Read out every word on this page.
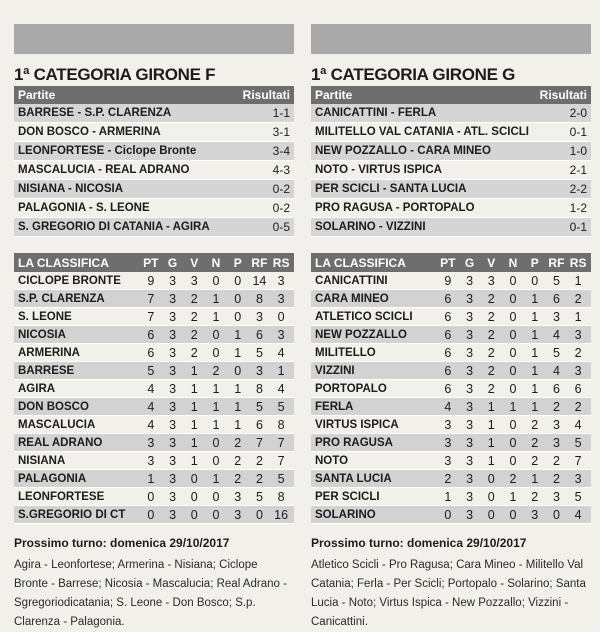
1ª CATEGORIA GIRONE F
Partite	Risultati
BARRESE - S.P. CLARENZA	1-1
DON BOSCO - ARMERINA	3-1
LEONFORTESE - Ciclope Bronte	3-4
MASCALUCIA - REAL ADRANO	4-3
NISIANA - NICOSIA	0-2
PALAGONIA - S. LEONE	0-2
S. GREGORIO DI CATANIA - AGIRA	0-5
LA CLASSIFICA	PT G	V	N	P RF RS
CICLOPE BRONTE	9	3	3	0	0 14 3
S.P. CLARENZA	7	3	2	1	0	8	3
S. LEONE	7	3	2	1	0	3	0
NICOSIA	6	3	2	0	1	6	3
ARMERINA	6	3	2	0	1	5	4
BARRESE	5	3	1	2	0	3	1
AGIRA	4	3	1	1	1	8	4
DON BOSCO	4	3	1	1	1	5	5
MASCALUCIA	4	3	1	1	1	6	8
REAL ADRANO	3	3	1	0	2	7	7
NISIANA	3	3	1	0	2	2	7
PALAGONIA	1	3	0	1	2	2	5
LEONFORTESE	0	3	0	0	3	5	8
S.GREGORIO DI CT	0	3	0	0	3	0 16
Prossimo turno: domenica 29/10/2017
Agira - Leonfortese; Armerina - Nisiana; Ciclope Bronte - Barrese; Nicosia - Mascalucia; Real Adrano -Sgregoriodicatania; S. Leone - Don Bosco; S.p. Clarenza - Palagonia.
1ª CATEGORIA GIRONE G
Partite	Risultati
CANICATTINI - FERLA	2-0
MILITELLO VAL CATANIA - ATL. SCICLI	0-1
NEW POZZALLO - CARA MINEO	1-0
NOTO - VIRTUS ISPICA	2-1
PER SCICLI - SANTA LUCIA	2-2
PRO RAGUSA - PORTOPALO	1-2
SOLARINO - VIZZINI	0-1
LA CLASSIFICA	PT G	V	N	P RF RS
CANICATTINI	9	3	3	0	0	5	1
CARA MINEO	6	3	2	0	1	6	2
ATLETICO SCICLI	6	3	2	0	1	3	1
NEW POZZALLO	6	3	2	0	1	4	3
MILITELLO	6	3	2	0	1	5	2
VIZZINI	6	3	2	0	1	4	3
PORTOPALO	6	3	2	0	1	6	6
FERLA	4	3	1	1	1	2	2
VIRTUS ISPICA	3	3	1	0	2	3	4
PRO RAGUSA	3	3	1	0	2	3	5
NOTO	3	3	1	0	2	2	7
SANTA LUCIA	2	3	0	2	1	2	3
PER SCICLI	1	3	0	1	2	3	5
SOLARINO	0	3	0	0	3	0	4
Prossimo turno: domenica 29/10/2017
Atletico Scicli - Pro Ragusa; Cara Mineo - Militello Val Catania; Ferla - Per Scicli; Portopalo - Solarino; Santa Lucia - Noto; Virtus Ispica - New Pozzallo; Vizzini - Canicattini.
